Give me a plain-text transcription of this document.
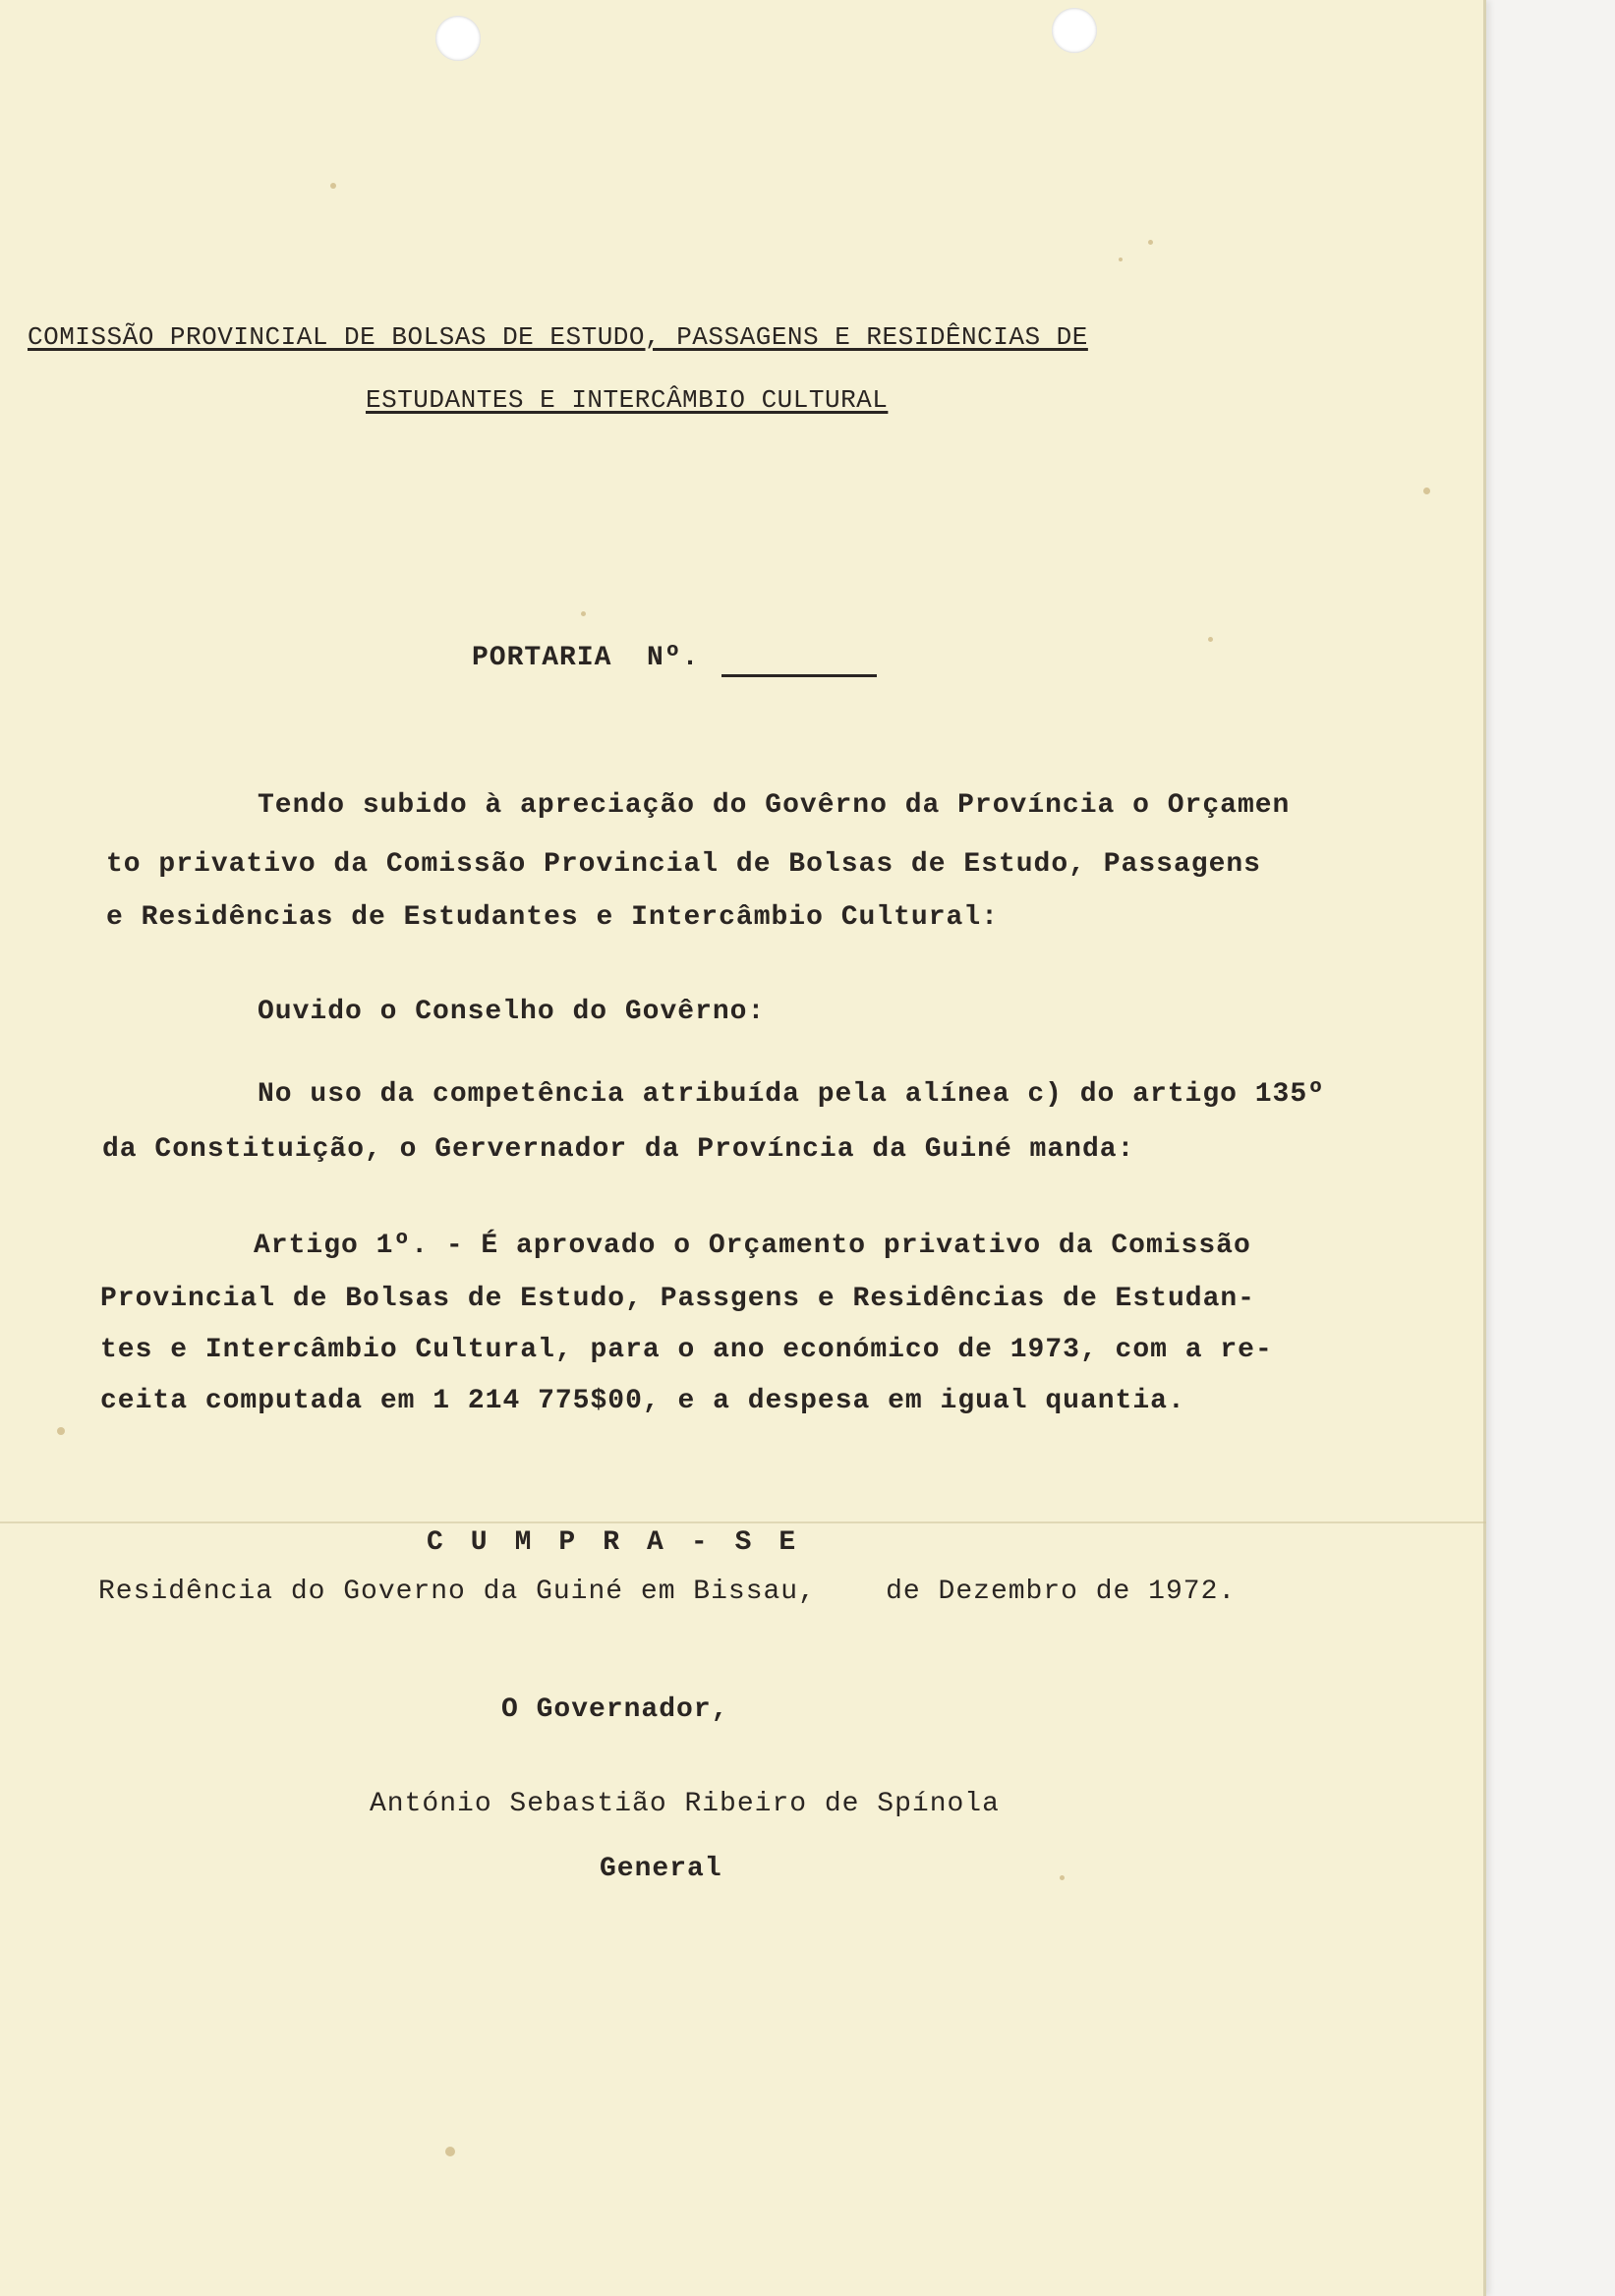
COMISSÃO PROVINCIAL DE BOLSAS DE ESTUDO, PASSAGENS E RESIDÊNCIAS DE
ESTUDANTES E INTERCÂMBIO CULTURAL
PORTARIA  Nº.
Tendo subido à apreciação do Govêrno da Província o Orçamen
to privativo da Comissão Provincial de Bolsas de Estudo, Passagens
e Residências de Estudantes e Intercâmbio Cultural:
Ouvido o Conselho do Govêrno:
No uso da competência atribuída pela alínea c) do artigo 135º
da Constituição, o Gervernador da Província da Guiné manda:
Artigo 1º. - É aprovado o Orçamento privativo da Comissão
Provincial de Bolsas de Estudo, Passgens e Residências de Estudan-
tes e Intercâmbio Cultural, para o ano económico de 1973, com a re-
ceita computada em 1 214 775$00, e a despesa em igual quantia.
CUMPRA-SE
Residência do Governo da Guiné em Bissau,    de Dezembro de 1972.
O Governador,
António Sebastião Ribeiro de Spínola
General
